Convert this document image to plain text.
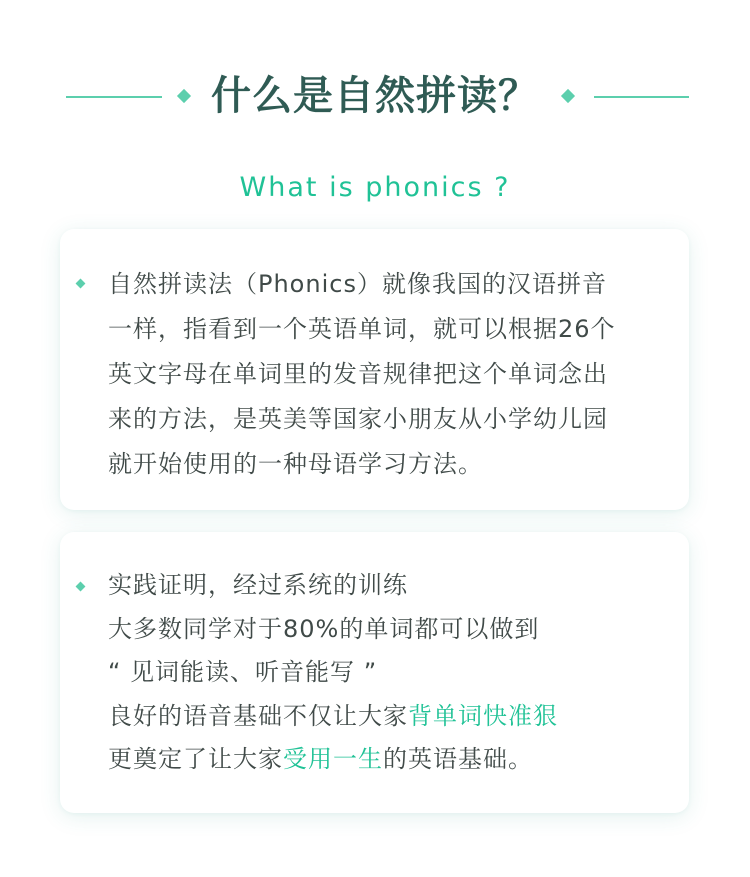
什么是自然拼读？
What is phonics ?
自然拼读法（Phonics）就像我国的汉语拼音
一样，指看到一个英语单词，就可以根据26个
英文字母在单词里的发音规律把这个单词念出
来的方法，是英美等国家小朋友从小学幼儿园
就开始使用的一种母语学习方法。
实践证明，经过系统的训练
大多数同学对于80%的单词都可以做到
“ 见词能读、听音能写 ”
良好的语音基础不仅让大家背单词快准狠
更奠定了让大家受用一生的英语基础。
